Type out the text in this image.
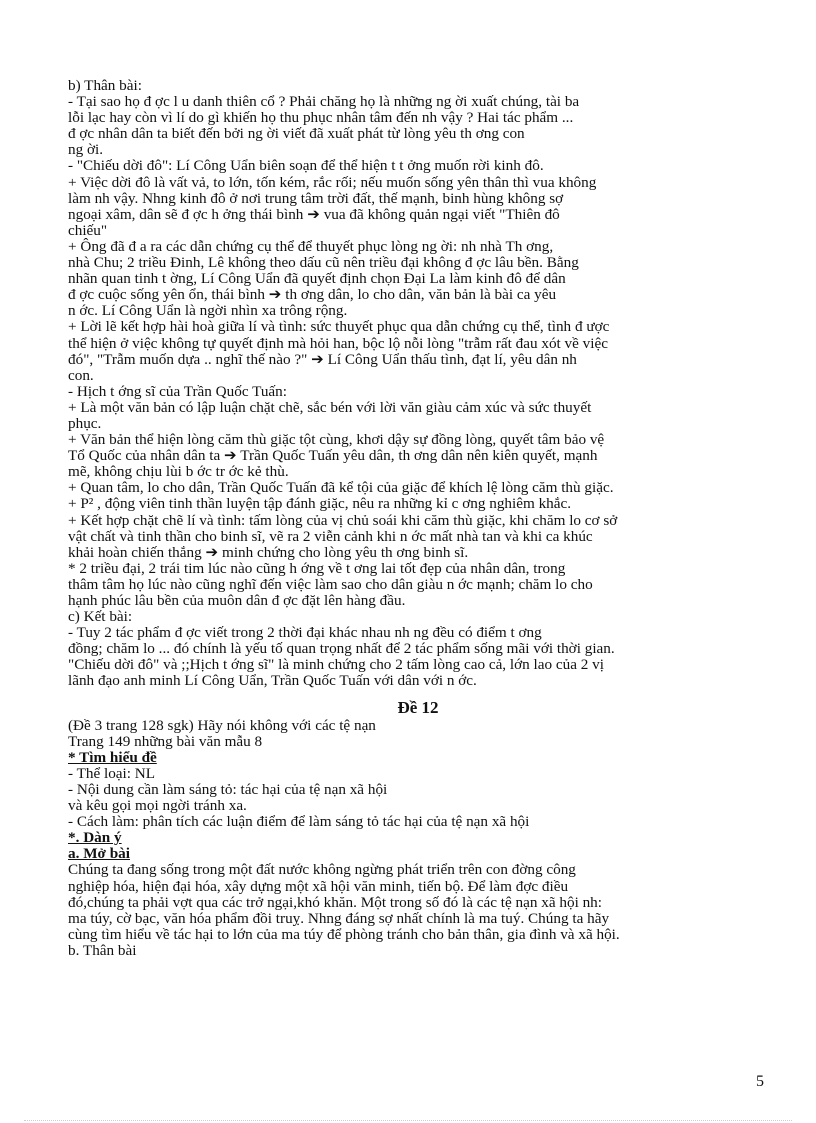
b) Thân bài:
- Tại sao họ đ ợc l u danh thiên cổ ? Phải chăng họ là những ng ời xuất chúng, tài ba
lỗi lạc hay còn vì lí do gì khiến họ thu phục nhân tâm đến nh vậy ? Hai tác phẩm ...
đ ợc nhân dân ta biết đến bởi ng ời viết đã xuất phát từ lòng yêu th ơng con
ng ời.
- "Chiếu dời đô": Lí Công Uẩn biên soạn để thể hiện t t ởng muốn rời kinh đô.
+ Việc dời đô là vất vả, to lớn, tốn kém, rắc rối; nếu muốn sống yên thân thì vua không
làm nh vậy. Nhng kinh đô ở nơi trung tâm trời đất, thế mạnh, binh hùng không sợ
ngoại xâm, dân sẽ đ ợc h ởng thái bình ➔ vua đã không quản ngại viết "Thiên đô
chiếu"
+ Ông đã đ a ra các dẫn chứng cụ thể để thuyết phục lòng ng ời: nh nhà Th ơng,
nhà Chu; 2 triều Đinh, Lê không theo dấu cũ nên triều đại không đ ợc lâu bền. Bằng
nhãn quan tinh t ờng, Lí Công Uẩn đã quyết định chọn Đại La làm kinh đô để dân
đ ợc cuộc sống yên ổn, thái bình ➔ th ơng dân, lo cho dân, văn bản là bài ca yêu
n ớc. Lí Công Uẩn là ngời nhìn xa trông rộng.
+ Lời lẽ kết hợp hài hoà giữa lí và tình: sức thuyết phục qua dẫn chứng cụ thể, tình đ ược
thể hiện ở việc không tự quyết định mà hỏi han, bộc lộ nỗi lòng "trẫm rất đau xót về việc
đó", "Trẫm muốn dựa .. nghĩ thế nào ?" ➔ Lí Công Uẩn thấu tình, đạt lí, yêu dân nh
con.
- Hịch t ớng sĩ của Trần Quốc Tuấn:
+ Là một văn bản có lập luận chặt chẽ, sắc bén với lời văn giàu cảm xúc và sức thuyết
phục.
+ Văn bản thể hiện lòng căm thù giặc tột cùng, khơi dậy sự đồng lòng, quyết tâm bảo vệ
Tổ Quốc của nhân dân ta ➔ Trần Quốc Tuấn yêu dân, th ơng dân nên kiên quyết, mạnh
mẽ, không chịu lùi b ớc tr ớc kẻ thù.
+ Quan tâm, lo cho dân, Trần Quốc Tuấn đã kể tội của giặc để khích lệ lòng căm thù giặc.
+ P² , động viên tinh thần luyện tập đánh giặc, nêu ra những kỉ c ơng nghiêm khắc.
+ Kết hợp chặt chẽ lí và tình: tấm lòng của vị chủ soái khi căm thù giặc, khi chăm lo cơ sở
vật chất và tinh thần cho binh sĩ, vẽ ra 2 viễn cảnh khi n ớc mất nhà tan và khi ca khúc
khải hoàn chiến thắng ➔ minh chứng cho lòng yêu th ơng binh sĩ.
* 2 triều đại, 2 trái tim lúc nào cũng h ớng về t ơng lai tốt đẹp của nhân dân, trong
thâm tâm họ lúc nào cũng nghĩ đến việc làm sao cho dân giàu n ớc mạnh; chăm lo cho
hạnh phúc lâu bền của muôn dân đ ợc đặt lên hàng đầu.
c) Kết bài:
- Tuy 2 tác phẩm đ ợc viết trong 2 thời đại khác nhau nh ng đều có điểm t ơng
đồng; chăm lo ... đó chính là yếu tố quan trọng nhất để 2 tác phẩm sống mãi với thời gian.
"Chiếu dời đô" và ;;Hịch t ớng sĩ" là minh chứng cho 2 tấm lòng cao cả, lớn lao của 2 vị
lãnh đạo anh minh Lí Công Uẩn, Trần Quốc Tuấn với dân với n ớc.
Đề 12
(Đề 3 trang 128 sgk) Hãy nói không với các tệ nạn
Trang 149 những bài văn mẫu 8
* Tìm hiểu đề
- Thể loại: NL
- Nội dung cần làm sáng tỏ: tác hại của tệ nạn xã hội
và kêu gọi mọi ngời tránh xa.
- Cách làm: phân tích các luận điểm để làm sáng tỏ tác hại của tệ nạn xã hội
*. Dàn ý
a. Mở bài
Chúng ta đang sống trong một đất nước không ngừng phát triển trên con đờng công
nghiệp hóa, hiện đại hóa, xây dựng một xã hội văn minh, tiến bộ. Để làm đợc điều
đó,chúng ta phải vợt qua các trở ngại,khó khăn. Một trong số đó là các tệ nạn xã hội nh:
ma túy, cờ bạc, văn hóa phẩm đồi truỵ. Nhng đáng sợ nhất chính là ma tuý. Chúng ta hãy
cùng tìm hiểu về tác hại to lớn của ma túy để phòng tránh cho bản thân, gia đình và xã hội.
b. Thân bài
5
